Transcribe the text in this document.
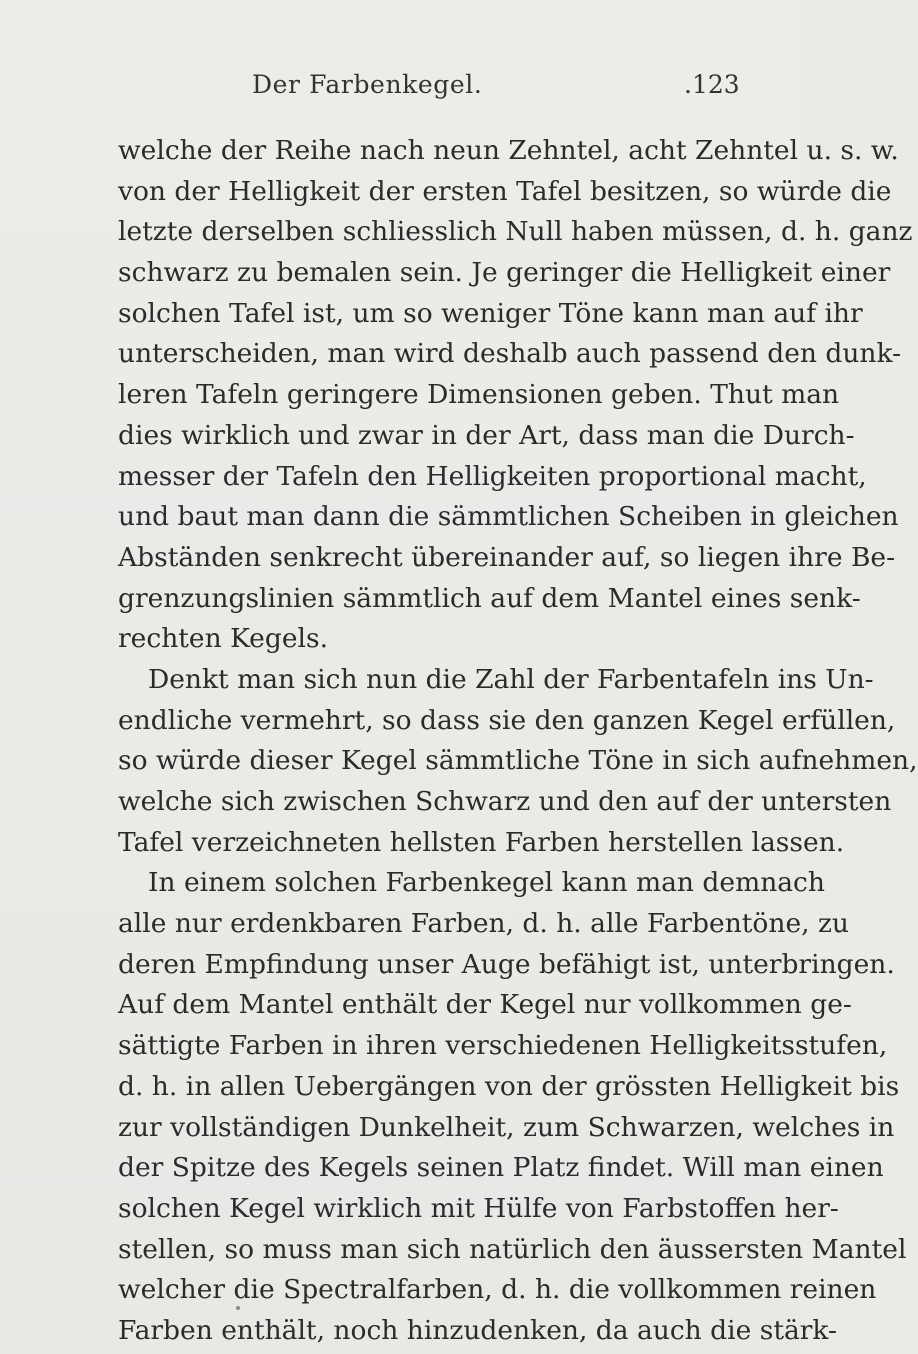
Der Farbenkegel.	.123
welche der Reihe nach neun Zehntel, acht Zehntel u. s. w.
von der Helligkeit der ersten Tafel besitzen, so würde die
letzte derselben schliesslich Null haben müssen, d. h. ganz
schwarz zu bemalen sein. Je geringer die Helligkeit einer
solchen Tafel ist, um so weniger Töne kann man auf ihr
unterscheiden, man wird deshalb auch passend den dunk-
leren Tafeln geringere Dimensionen geben. Thut man
dies wirklich und zwar in der Art, dass man die Durch-
messer der Tafeln den Helligkeiten proportional macht,
und baut man dann die sämmtlichen Scheiben in gleichen
Abständen senkrecht übereinander auf, so liegen ihre Be-
grenzungslinien sämmtlich auf dem Mantel eines senk-
rechten Kegels.
Denkt man sich nun die Zahl der Farbentafeln ins Un-
endliche vermehrt, so dass sie den ganzen Kegel erfüllen,
so würde dieser Kegel sämmtliche Töne in sich aufnehmen,
welche sich zwischen Schwarz und den auf der untersten
Tafel verzeichneten hellsten Farben herstellen lassen.
In einem solchen Farbenkegel kann man demnach
alle nur erdenkbaren Farben, d. h. alle Farbentöne, zu
deren Empfindung unser Auge befähigt ist, unterbringen.
Auf dem Mantel enthält der Kegel nur vollkommen ge-
sättigte Farben in ihren verschiedenen Helligkeitsstufen,
d. h. in allen Uebergängen von der grössten Helligkeit bis
zur vollständigen Dunkelheit, zum Schwarzen, welches in
der Spitze des Kegels seinen Platz findet. Will man einen
solchen Kegel wirklich mit Hülfe von Farbstoffen her-
stellen, so muss man sich natürlich den äussersten Mantel
welcher die Spectralfarben, d. h. die vollkommen reinen
Farben enthält, noch hinzudenken, da auch die stärk-
